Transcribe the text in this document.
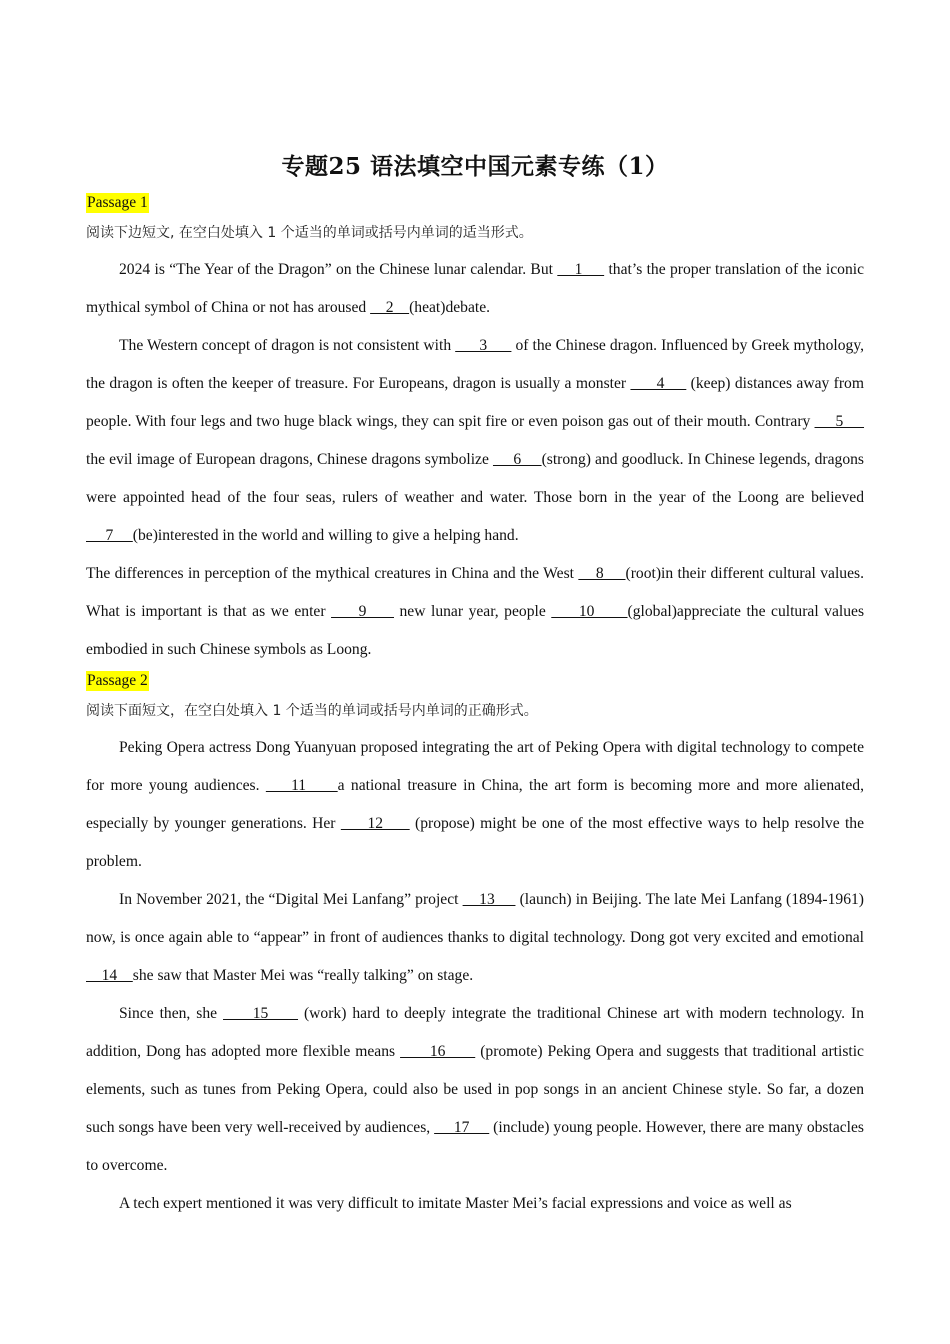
专题25 语法填空中国元素专练（1）
Passage 1
阅读下边短文, 在空白处填入 1 个适当的单词或括号内单词的适当形式。

2024 is “The Year of the Dragon” on the Chinese lunar calendar. But     1      that’s the proper translation of the iconic mythical symbol of China or not has aroused     2    (heat)debate.

The Western concept of dragon is not consistent with       3       of the Chinese dragon. Influenced by Greek mythology, the dragon is often the keeper of treasure. For Europeans, dragon is usually a monster       4      (keep) distances away from people. With four legs and two huge black wings, they can spit fire or even poison gas out of their mouth. Contrary      5      the evil image of European dragons, Chinese dragons symbolize      6     (strong) and goodluck. In Chinese legends, dragons were appointed head of the four seas, rulers of weather and water. Those born in the year of the Loong are believed      7     (be)interested in the world and willing to give a helping hand.

The differences in perception of the mythical creatures in China and the West     8     (root)in their different cultural values. What is important is that as we enter      9      new lunar year, people      10      (global)appreciate the cultural values embodied in such Chinese symbols as Loong.

Passage 2
阅读下面短文，在空白处填入 1 个适当的单词或括号内单词的正确形式。

Peking Opera actress Dong Yuanyuan proposed integrating the art of Peking Opera with digital technology to compete for more young audiences.     11     a national treasure in China, the art form is becoming more and more alienated, especially by younger generations. Her      12      (propose) might be one of the most effective ways to help resolve the problem.

In November 2021, the “Digital Mei Lanfang” project     13      (launch) in Beijing. The late Mei Lanfang (1894-1961) now, is once again able to “appear” in front of audiences thanks to digital technology. Dong got very excited and emotional     14    she saw that Master Mei was “really talking” on stage.

Since then, she      15      (work) hard to deeply integrate the traditional Chinese art with modern technology. In addition, Dong has adopted more flexible means       16       (promote) Peking Opera and suggests that traditional artistic elements, such as tunes from Peking Opera, could also be used in pop songs in an ancient Chinese style. So far, a dozen such songs have been very well-received by audiences,      17      (include) young people. However, there are many obstacles to overcome.

A tech expert mentioned it was very difficult to imitate Master Mei’s facial expressions and voice as well as
